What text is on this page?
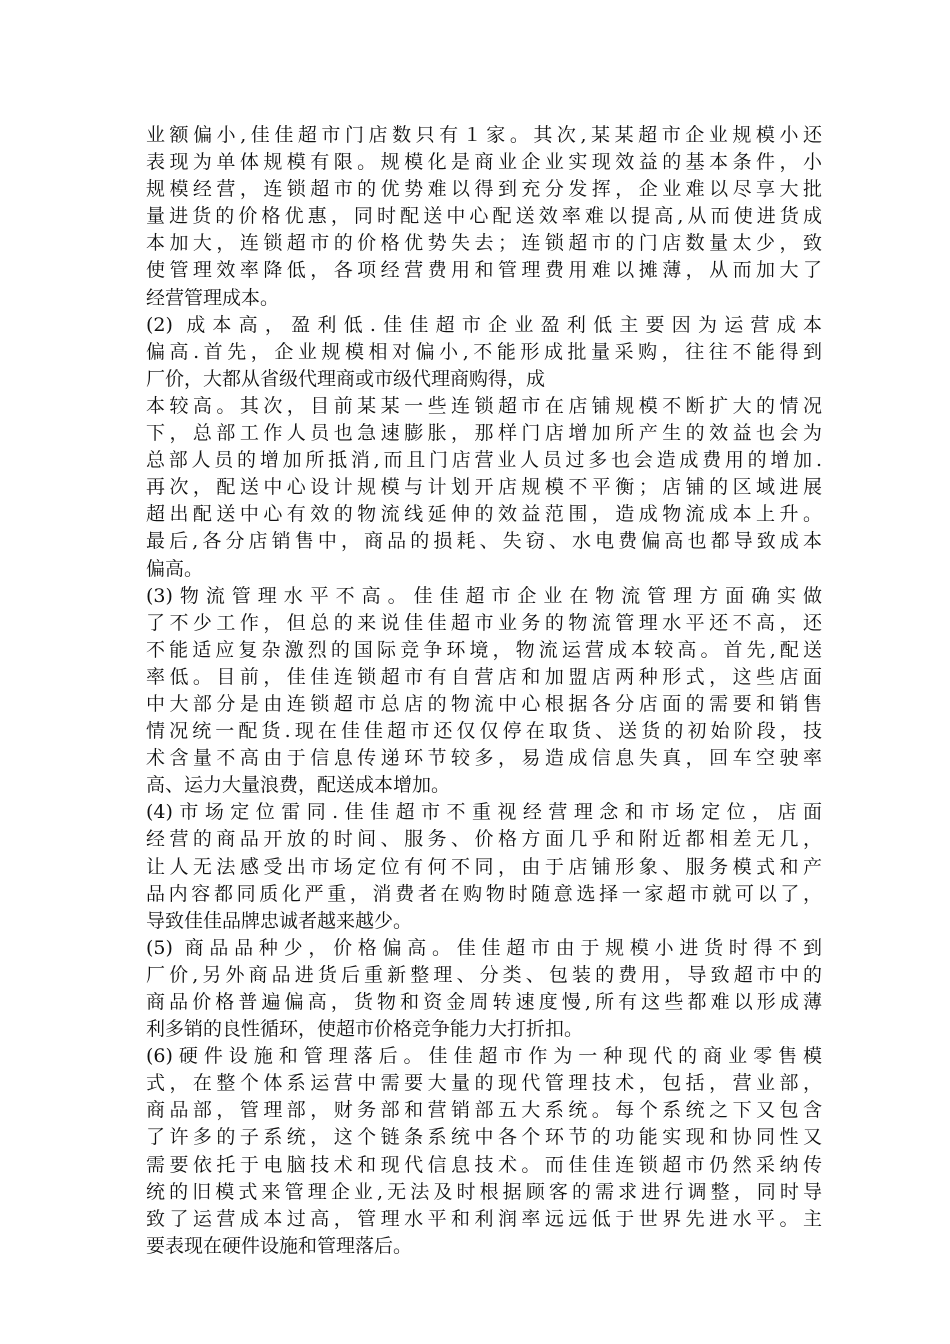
业额偏小,佳佳超市门店数只有１家。其次,某某超市企业规模小还
表现为单体规模有限。规模化是商业企业实现效益的基本条件，小
规模经营，连锁超市的优势难以得到充分发挥，企业难以尽享大批
量进货的价格优惠，同时配送中心配送效率难以提高,从而使进货成
本加大，连锁超市的价格优势失去；连锁超市的门店数量太少，致
使管理效率降低，各项经营费用和管理费用难以摊薄，从而加大了
经营管理成本。
(2) 成本高，盈利低.佳佳超市企业盈利低主要因为运营成本
偏高.首先，企业规模相对偏小,不能形成批量采购，往往不能得到
厂价，大都从省级代理商或市级代理商购得，成
本较高。其次，目前某某一些连锁超市在店铺规模不断扩大的情况
下，总部工作人员也急速膨胀，那样门店增加所产生的效益也会为
总部人员的增加所抵消,而且门店营业人员过多也会造成费用的增加.
再次，配送中心设计规模与计划开店规模不平衡；店铺的区域进展
超出配送中心有效的物流线延伸的效益范围，造成物流成本上升。
最后,各分店销售中，商品的损耗、失窃、水电费偏高也都导致成本
偏高。
(3)物流管理水平不高。佳佳超市企业在物流管理方面确实做
了不少工作，但总的来说佳佳超市业务的物流管理水平还不高，还
不能适应复杂激烈的国际竞争环境，物流运营成本较高。首先,配送
率低。目前，佳佳连锁超市有自营店和加盟店两种形式，这些店面
中大部分是由连锁超市总店的物流中心根据各分店面的需要和销售
情况统一配货.现在佳佳超市还仅仅停在取货、送货的初始阶段，技
术含量不高由于信息传递环节较多，易造成信息失真，回车空驶率
高、运力大量浪费，配送成本增加。
(4)市场定位雷同.佳佳超市不重视经营理念和市场定位，店面
经营的商品开放的时间、服务、价格方面几乎和附近都相差无几，
让人无法感受出市场定位有何不同，由于店铺形象、服务模式和产
品内容都同质化严重，消费者在购物时随意选择一家超市就可以了，
导致佳佳品牌忠诚者越来越少。
(5) 商品品种少，价格偏高。佳佳超市由于规模小进货时得不到
厂价,另外商品进货后重新整理、分类、包装的费用，导致超市中的
商品价格普遍偏高，货物和资金周转速度慢,所有这些都难以形成薄
利多销的良性循环，使超市价格竞争能力大打折扣。
(6)硬件设施和管理落后。佳佳超市作为一种现代的商业零售模
式，在整个体系运营中需要大量的现代管理技术，包括，营业部，
商品部，管理部，财务部和营销部五大系统。每个系统之下又包含
了许多的子系统，这个链条系统中各个环节的功能实现和协同性又
需要依托于电脑技术和现代信息技术。而佳佳连锁超市仍然采纳传
统的旧模式来管理企业,无法及时根据顾客的需求进行调整，同时导
致了运营成本过高，管理水平和利润率远远低于世界先进水平。主
要表现在硬件设施和管理落后。
